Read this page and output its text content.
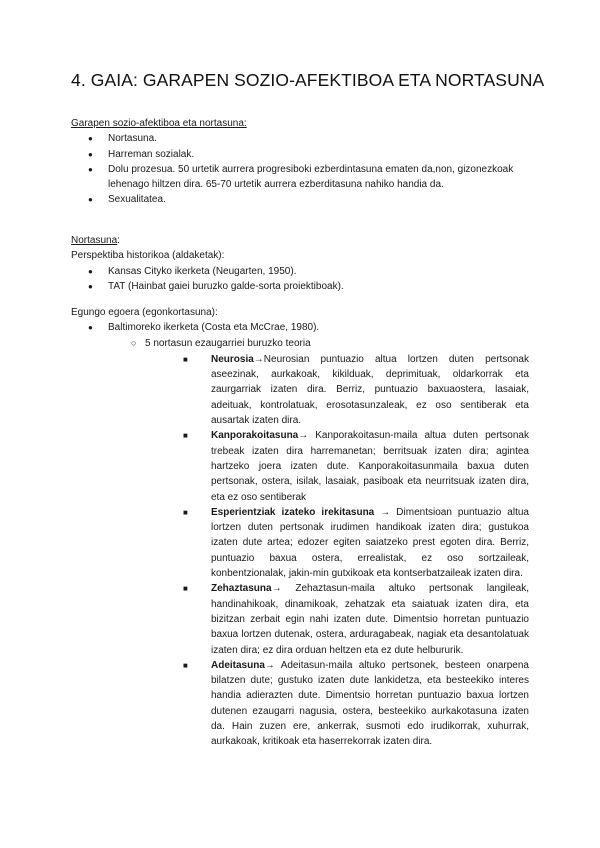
4. GAIA: GARAPEN SOZIO-AFEKTIBOA ETA NORTASUNA
Garapen sozio-afektiboa eta nortasuna:
● Nortasuna.
● Harreman sozialak.
● Dolu prozesua. 50 urtetik aurrera progresiboki ezberdintasuna ematen da,non, gizonezkoak lehenago hiltzen dira. 65-70 urtetik aurrera ezberditasuna nahiko handia da.
● Sexualitatea.
Nortasuna:
Perspektiba historikoa (aldaketak):
● Kansas Cityko ikerketa (Neugarten, 1950).
● TAT (Hainbat gaiei buruzko galde-sorta proiektiboak).
Egungo egoera (egonkortasuna):
● Baltimoreko ikerketa (Costa eta McCrae, 1980).
○ 5 nortasun ezaugarriei buruzko teoria
■ Neurosia→Neurosian puntuazio altua lortzen duten pertsonak aseezinak, aurkakoak, kikilduak, deprimituak, oldarkorrak eta zaurgarriak izaten dira. Berriz, puntuazio baxuaostera, lasaiak, adeituak, kontrolatuak, erosotasunzaleak, ez oso sentiberak eta ausartak izaten dira.
■ Kanporakoitasuna→ Kanporakoitasun-maila altua duten pertsonak trebeak izaten dira harremanetan; berritsuak izaten dira; agintea hartzeko joera izaten dute. Kanporakoitasunmaila baxua duten pertsonak, ostera, isilak, lasaiak, pasiboak eta neurritsuak izaten dira, eta ez oso sentiberak
■ Esperientziak izateko irekitasuna → Dimentsioan puntuazio altua lortzen duten pertsonak irudimen handikoak izaten dira; gustukoa izaten dute artea; edozer egiten saiatzeko prest egoten dira. Berriz, puntuazio baxua ostera, errealistak, ez oso sortzaileak, konbentzionalak, jakin-min gutxikoak eta kontserbatzaileak izaten dira.
■ Zehaztasuna→ Zehaztasun-maila altuko pertsonak langileak, handinahikoak, dinamikoak, zehatzak eta saiatuak izaten dira, eta bizitzan zerbait egin nahi izaten dute. Dimentsio horretan puntuazio baxua lortzen dutenak, ostera, arduragabeak, nagiak eta desantolatuak izaten dira; ez dira orduan heltzen eta ez dute helbururik.
■ Adeitasuna→ Adeitasun-maila altuko pertsonek, besteen onarpena bilatzen dute; gustuko izaten dute lankidetza, eta besteekiko interes handia adierazten dute. Dimentsio horretan puntuazio baxua lortzen dutenen ezaugarri nagusia, ostera, besteekiko aurkakotasuna izaten da. Hain zuzen ere, ankerrak, susmoti edo irudikorrak, xuhurrak, aurkakoak, kritikoak eta haserrekorrak izaten dira.
